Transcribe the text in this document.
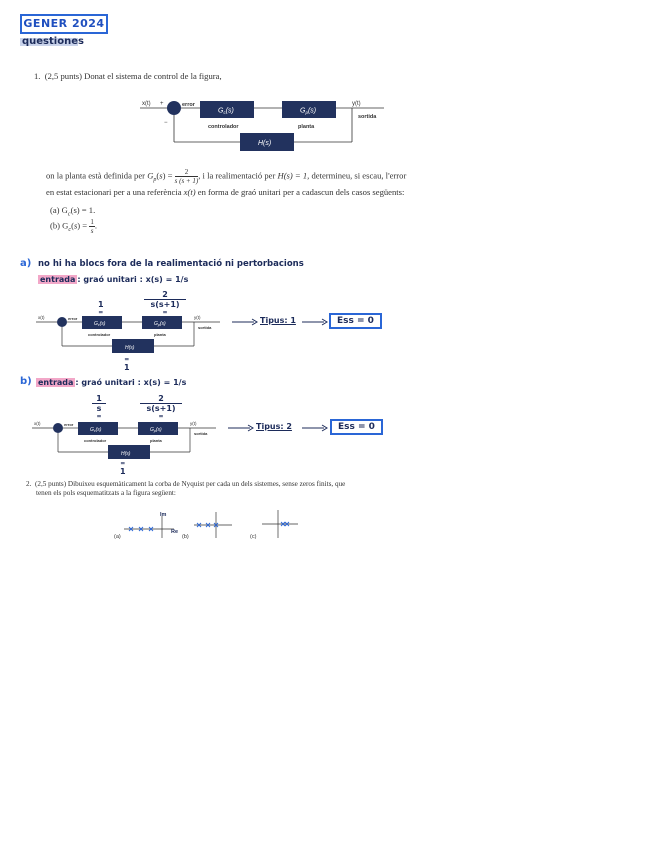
GENER 2024
questiones
1. (2,5 punts) Donat el sistema de control de la figura,
x(t) +	error
−
$G_c(s)$	$G_p(s)$
y(t)
sortida
controlador	planta
H(s)
on la planta està definida per $G_p(s) = \frac{2}{s (s + 1)}$ , i la realimentació per H(s) = 1, determineu, si escau, l'error
en estat estacionari per a una referència x(t) en forma de graó unitari per a cadascun dels casos següents:
(a) $G_c(s) = 1$.
(b) $G_c(s) = \frac{1}{s}$ .
a) no hi ha blocs fora de la realimentació ni pertorbacions
entrada : graó unitari : x(s) = 1/s
1
=
2
s(s+1)
=
x(t)	error
$G_c(s)$	$G_p(s)$
y(t)
sortida
controlador	planta
H(s)
=
1
Tipus: 1	Ess = 0
b) entrada : graó unitari : x(s) = 1/s
1
s
=
2
s(s+1)
=
x(t)	error
$G_c(s)$	$G_p(s)$
y(t)
sortida
controlador	planta
H(s)
=
1
Tipus: 2	Ess = 0
2. (2,5 punts) Dibuixeu esquemàticament la corba de Nyquist per cada un dels sistemes, sense zeros finits, que
tenen els pols esquematitzats a la figura següent:
(a)
Im
Re
(b)	(c)
